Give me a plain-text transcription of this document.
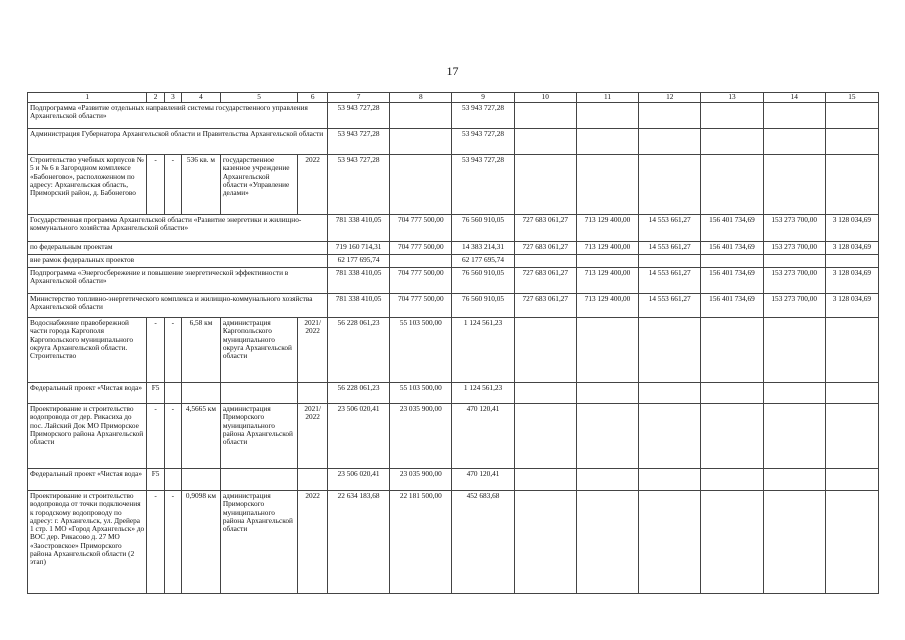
17
1	2	3	4	5	6	7	8	9	10	11	12	13	14	15
Подпрограмма «Развитие отдельных направлений системы государственного управления Архангельской области»						53 943 727,28		53 943 727,28						
Администрация Губернатора Архангельской области и Правительства Архангельской области						53 943 727,28		53 943 727,28						
Строительство учебных корпусов № 5 и № 6 в Загородном комплексе «Бабонегово», расположенном по адресу: Архангельская область, Приморский район, д. Бабонегово	-	-	536 кв. м	государственное казенное учреждение Архангельской области «Управление делами»	2022	53 943 727,28		53 943 727,28						
Государственная программа Архангельской области «Развитие энергетики и жилищно-коммунального хозяйства Архангельской области»						781 338 410,05	704 777 500,00	76 560 910,05	727 683 061,27	713 129 400,00	14 553 661,27	156 401 734,69	153 273 700,00	3 128 034,69
по федеральным проектам						719 160 714,31	704 777 500,00	14 383 214,31	727 683 061,27	713 129 400,00	14 553 661,27	156 401 734,69	153 273 700,00	3 128 034,69
вне рамок федеральных проектов						62 177 695,74		62 177 695,74						
Подпрограмма «Энергосбережение и повышение энергетической эффективности в Архангельской области»						781 338 410,05	704 777 500,00	76 560 910,05	727 683 061,27	713 129 400,00	14 553 661,27	156 401 734,69	153 273 700,00	3 128 034,69
Министерство топливно-энергетического комплекса и жилищно-коммунального хозяйства Архангельской области						781 338 410,05	704 777 500,00	76 560 910,05	727 683 061,27	713 129 400,00	14 553 661,27	156 401 734,69	153 273 700,00	3 128 034,69
Водоснабжение правобережной части города Каргополя Каргопольского муниципального округа Архангельской области. Строительство	-	-	6,58 км	администрация Каргопольского муниципального округа Архангельской области	2021/ 2022	56 228 061,23	55 103 500,00	1 124 561,23						
Федеральный проект «Чистая вода»	F5					56 228 061,23	55 103 500,00	1 124 561,23						
Проектирование и строительство водопровода от дер. Рикасиха до пос. Лайский Док МО Приморское Приморского района Архангельской области	-	-	4,5665 км	администрация Приморского муниципального района Архангельской области	2021/ 2022	23 506 020,41	23 035 900,00	470 120,41						
Федеральный проект «Чистая вода»	F5					23 506 020,41	23 035 900,00	470 120,41						
Проектирование и строительство водопровода от точки подключения к городскому водопроводу по адресу: г. Архангельск, ул. Дрейера 1 стр. 1 МО «Город Архангельск» до ВОС дер. Рикасово д. 27 МО «Заостровское» Приморского района Архангельской области (2 этап)	-	-	0,9098 км	администрация Приморского муниципального района Архангельской области	2022	22 634 183,68	22 181 500,00	452 683,68						
